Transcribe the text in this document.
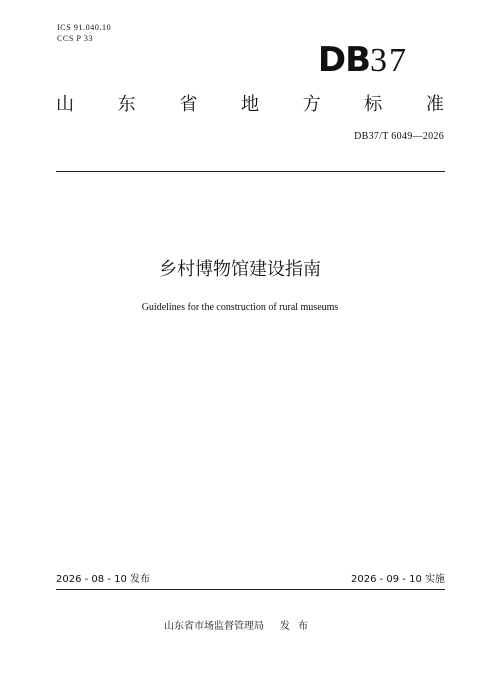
ICS 91.040.10
CCS P 33
DB37
山 东 省 地 方 标 准
DB37/T 6049—2026
乡村博物馆建设指南
Guidelines for the construction of rural museums
2026 - 08 - 10 发布	2026 - 09 - 10 实施
山东省市场监督管理局 发布
